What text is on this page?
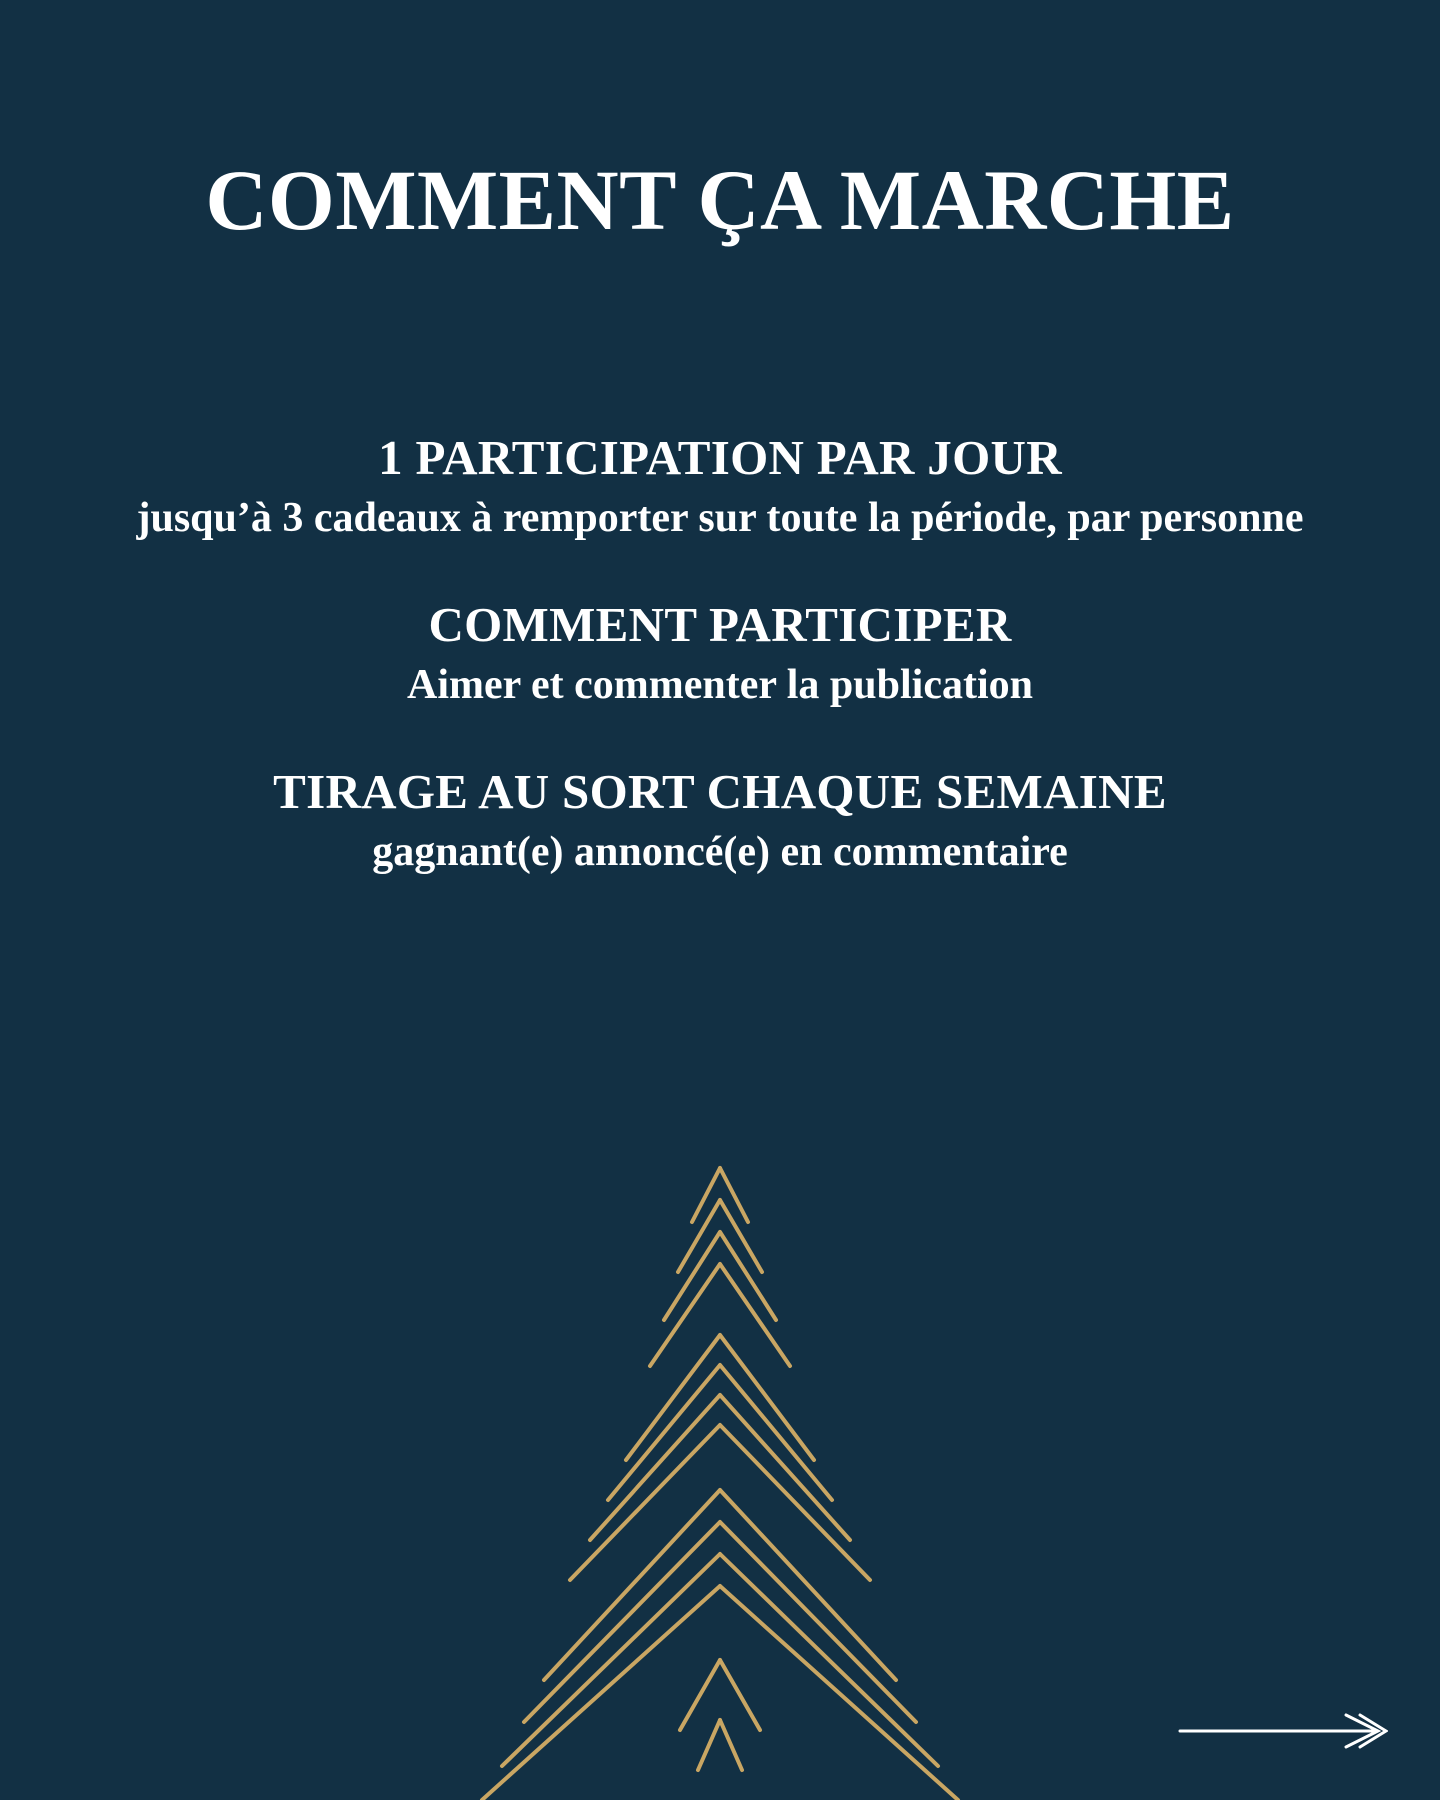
COMMENT ÇA MARCHE
1 PARTICIPATION PAR JOUR
jusqu’à 3 cadeaux à remporter sur toute la période, par personne
COMMENT PARTICIPER
Aimer et commenter la publication
TIRAGE AU SORT CHAQUE SEMAINE
gagnant(e) annoncé(e) en commentaire
